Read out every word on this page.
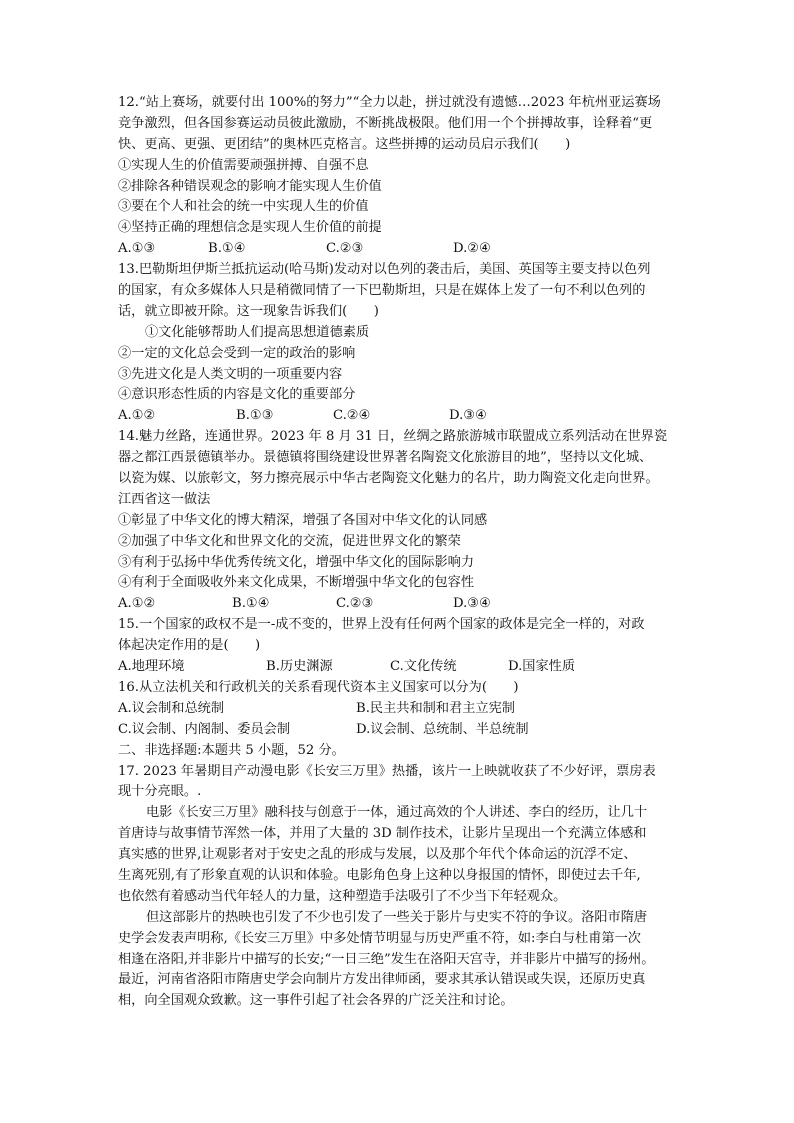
12.“站上赛场，就要付出 100%的努力”“全力以赴，拼过就没有遗憾…2023 年杭州亚运赛场
竞争激烈，但各国参赛运动员彼此激励，不断挑战极限。他们用一个个拼搏故事，诠释着“更
快、更高、更强、更团结”的奥林匹克格言。这些拼搏的运动员启示我们(　　)
①实现人生的价值需要顽强拼搏、自强不息
②排除各种错误观念的影响才能实现人生价值
③要在个人和社会的统一中实现人生的价值
④坚持正确的理想信念是实现人生价值的前提
A.①③	B.①④	C.②③	D.②④
13.巴勒斯坦伊斯兰抵抗运动(哈马斯)发动对以色列的袭击后，美国、英国等主要支持以色列
的国家，有众多媒体人只是稍微同情了一下巴勒斯坦，只是在媒体上发了一句不利以色列的
话，就立即被开除。这一现象告诉我们(　　)
①文化能够帮助人们提高思想道德素质
②一定的文化总会受到一定的政治的影响
③先进文化是人类文明的一项重要内容
④意识形态性质的内容是文化的重要部分
A.①②	B.①③	C.②④	D.③④
14.魅力丝路，连通世界。2023 年 8 月 31 日，丝绸之路旅游城市联盟成立系列活动在世界瓷
器之都江西景德镇举办。景德镇将围绕建设世界著名陶瓷文化旅游目的地”，坚持以文化城、
以瓷为媒、以旅彰文，努力擦亮展示中华古老陶瓷文化魅力的名片，助力陶瓷文化走向世界。
江西省这一做法
①彰显了中华文化的博大精深，增强了各国对中华文化的认同感
②加强了中华文化和世界文化的交流，促进世界文化的繁荣
③有利于弘扬中华优秀传统文化，增强中华文化的国际影响力
④有利于全面吸收外来文化成果，不断增强中华文化的包容性
A.①②	B.①④	C.②③	D.③④
15.一个国家的政权不是一-成不变的，世界上没有任何两个国家的政体是完全一样的，对政
体起决定作用的是(　　)
A.地理环境	B.历史渊源	C.文化传统	D.国家性质
16.从立法机关和行政机关的关系看现代资本主义国家可以分为(　　)
A.议会制和总统制	B.民主共和制和君主立宪制
C.议会制、内阁制、委员会制	D.议会制、总统制、半总统制
二、非选择题:本题共 5 小题，52 分。
17. 2023 年暑期目产动漫电影《长安三万里》热播，该片一上映就收获了不少好评，票房表
现十分亮眼。.
电影《长安三万里》融科技与创意于一体，通过高效的个人讲述、李白的经历，让几十
首唐诗与故事情节浑然一体，并用了大量的 3D 制作技术，让影片呈现出一个充满立体感和
真实感的世界,让观影者对于安史之乱的形成与发展，以及那个年代个体命运的沉浮不定、
生离死别,有了形象直观的认识和体验。电影角色身上这种以身报国的情怀，即使过去千年,
也依然有着感动当代年轻人的力量，这种塑造手法吸引了不少当下年轻观众。
但这部影片的热映也引发了不少也引发了一些关于影片与史实不符的争议。洛阳市隋唐
史学会发表声明称,《长安三万里》中多处情节明显与历史严重不符，如:李白与杜甫第一次
相逢在洛阳,并非影片中描写的长安;“一日三绝”发生在洛阳天宫寺，并非影片中描写的扬州。
最近，河南省洛阳市隋唐史学会向制片方发出律师函，要求其承认错误或失误，还原历史真
相，向全国观众致歉。这一事件引起了社会各界的广泛关注和讨论。
